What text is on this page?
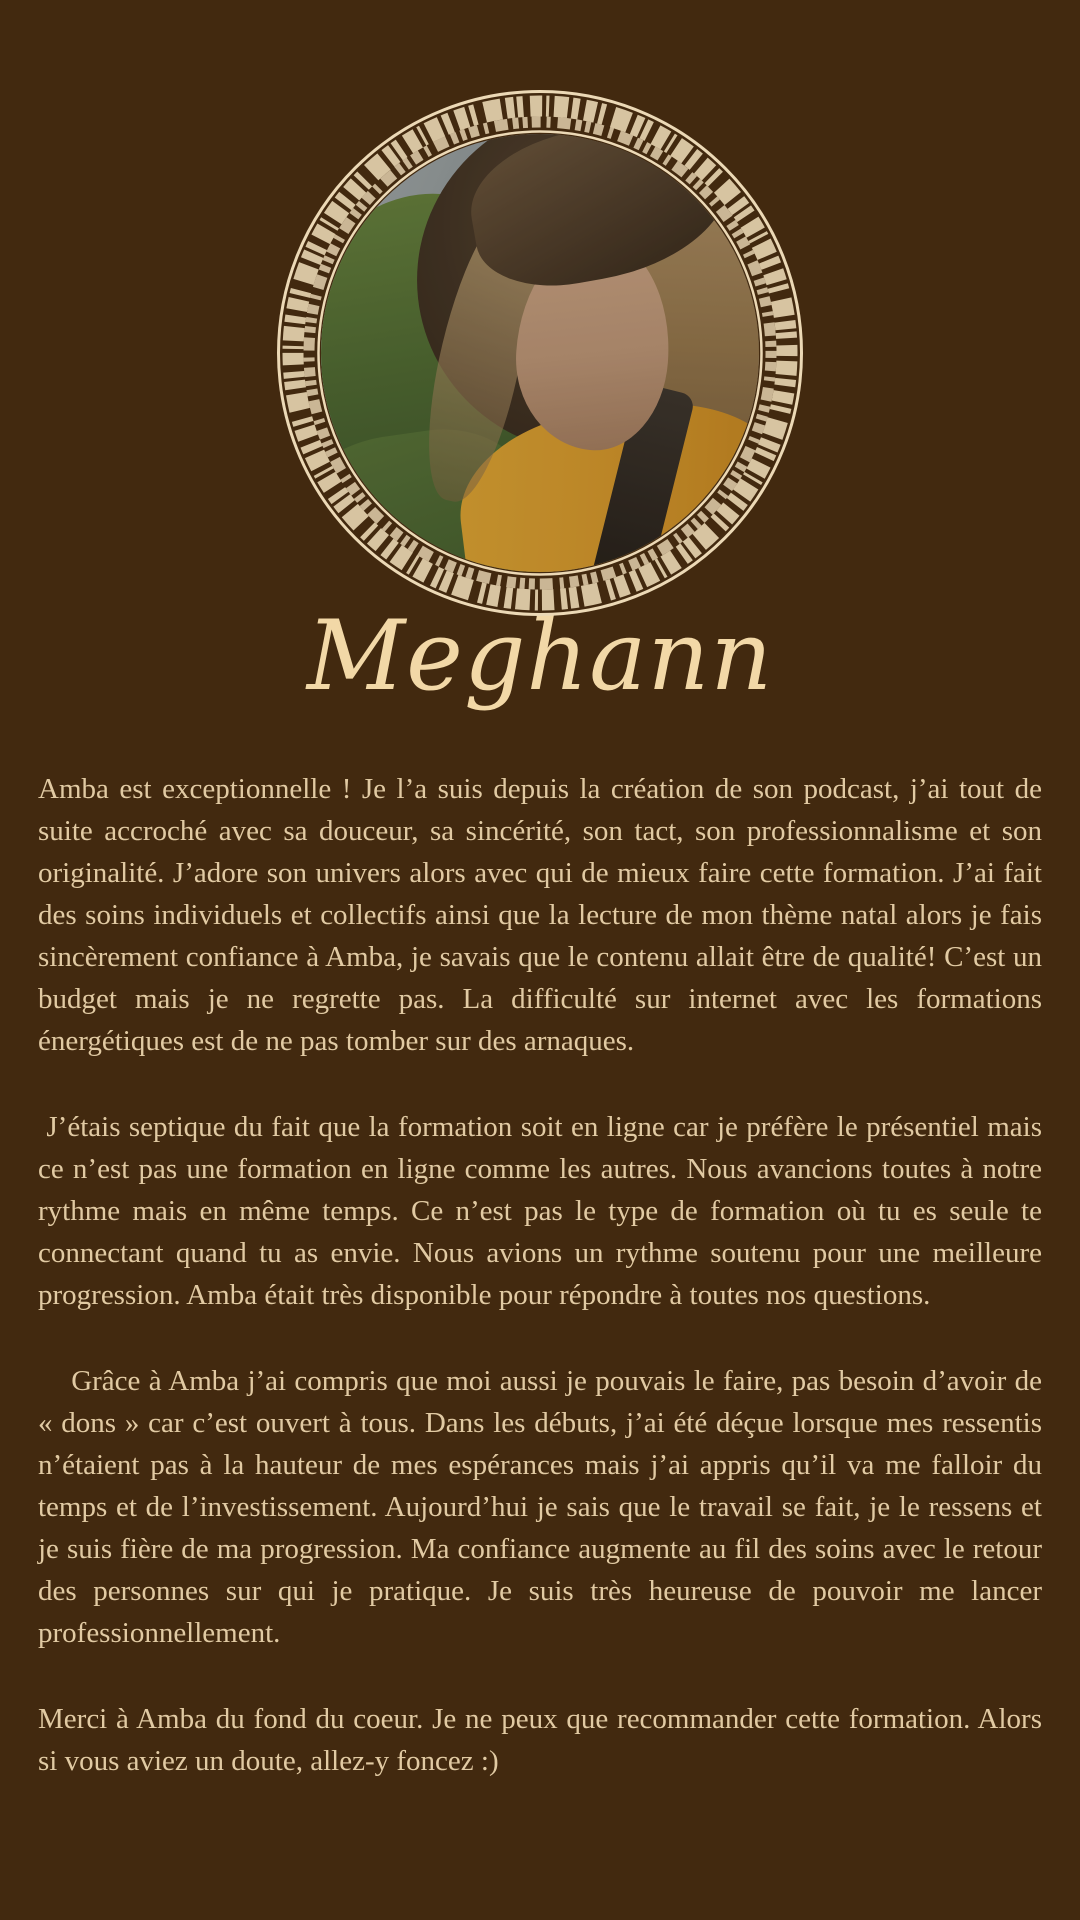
Meghann

Amba est exceptionnelle ! Je l’a suis depuis la création de son podcast, j’ai tout de suite accroché avec sa douceur, sa sincérité, son tact, son professionnalisme et son originalité. J’adore son univers alors avec qui de mieux faire cette formation. J’ai fait des soins individuels et collectifs ainsi que la lecture de mon thème natal alors je fais sincèrement confiance à Amba, je savais que le contenu allait être de qualité! C’est un budget mais je ne regrette pas. La difficulté sur internet avec les formations énergétiques est de ne pas tomber sur des arnaques.

J’étais septique du fait que la formation soit en ligne car je préfère le présentiel mais ce n’est pas une formation en ligne comme les autres. Nous avancions toutes à notre rythme mais en même temps. Ce n’est pas le type de formation où tu es seule te connectant quand tu as envie. Nous avions un rythme soutenu pour une meilleure progression. Amba était très disponible pour répondre à toutes nos questions.

Grâce à Amba j’ai compris que moi aussi je pouvais le faire, pas besoin d’avoir de « dons » car c’est ouvert à tous. Dans les débuts, j’ai été déçue lorsque mes ressentis n’étaient pas à la hauteur de mes espérances mais j’ai appris qu’il va me falloir du temps et de l’investissement. Aujourd’hui je sais que le travail se fait, je le ressens et je suis fière de ma progression. Ma confiance augmente au fil des soins avec le retour des personnes sur qui je pratique. Je suis très heureuse de pouvoir me lancer professionnellement.

Merci à Amba du fond du coeur. Je ne peux que recommander cette formation. Alors si vous aviez un doute, allez-y foncez :)
